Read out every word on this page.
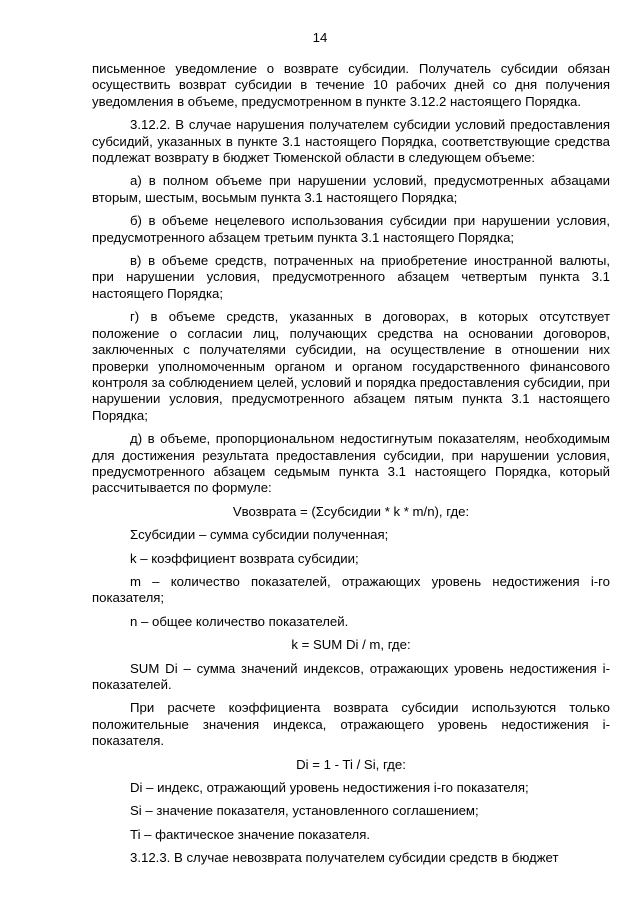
14

письменное уведомление о возврате субсидии. Получатель субсидии обязан осуществить возврат субсидии в течение 10 рабочих дней со дня получения уведомления в объеме, предусмотренном в пункте 3.12.2 настоящего Порядка.

3.12.2. В случае нарушения получателем субсидии условий предоставления субсидий, указанных в пункте 3.1 настоящего Порядка, соответствующие средства подлежат возврату в бюджет Тюменской области в следующем объеме:

а) в полном объеме при нарушении условий, предусмотренных абзацами вторым, шестым, восьмым пункта 3.1 настоящего Порядка;

б) в объеме нецелевого использования субсидии при нарушении условия, предусмотренного абзацем третьим пункта 3.1 настоящего Порядка;

в) в объеме средств, потраченных на приобретение иностранной валюты, при нарушении условия, предусмотренного абзацем четвертым пункта 3.1 настоящего Порядка;

г) в объеме средств, указанных в договорах, в которых отсутствует положение о согласии лиц, получающих средства на основании договоров, заключенных с получателями субсидии, на осуществление в отношении них проверки уполномоченным органом и органом государственного финансового контроля за соблюдением целей, условий и порядка предоставления субсидии, при нарушении условия, предусмотренного абзацем пятым пункта 3.1 настоящего Порядка;

д) в объеме, пропорциональном недостигнутым показателям, необходимым для достижения результата предоставления субсидии, при нарушении условия, предусмотренного абзацем седьмым пункта 3.1 настоящего Порядка, который рассчитывается по формуле:

Vвозврата = (Σсубсидии * k * m/n), где:

Σсубсидии – сумма субсидии полученная;

k – коэффициент возврата субсидии;

m – количество показателей, отражающих уровень недостижения i-го показателя;

n – общее количество показателей.

k = SUM Di / m, где:

SUM Di – сумма значений индексов, отражающих уровень недостижения i-показателей.

При расчете коэффициента возврата субсидии используются только положительные значения индекса, отражающего уровень недостижения i-показателя.

Di = 1 - Ti / Si, где:

Di – индекс, отражающий уровень недостижения i-го показателя;

Si – значение показателя, установленного соглашением;

Ti – фактическое значение показателя.

3.12.3. В случае невозврата получателем субсидии средств в бюджет
